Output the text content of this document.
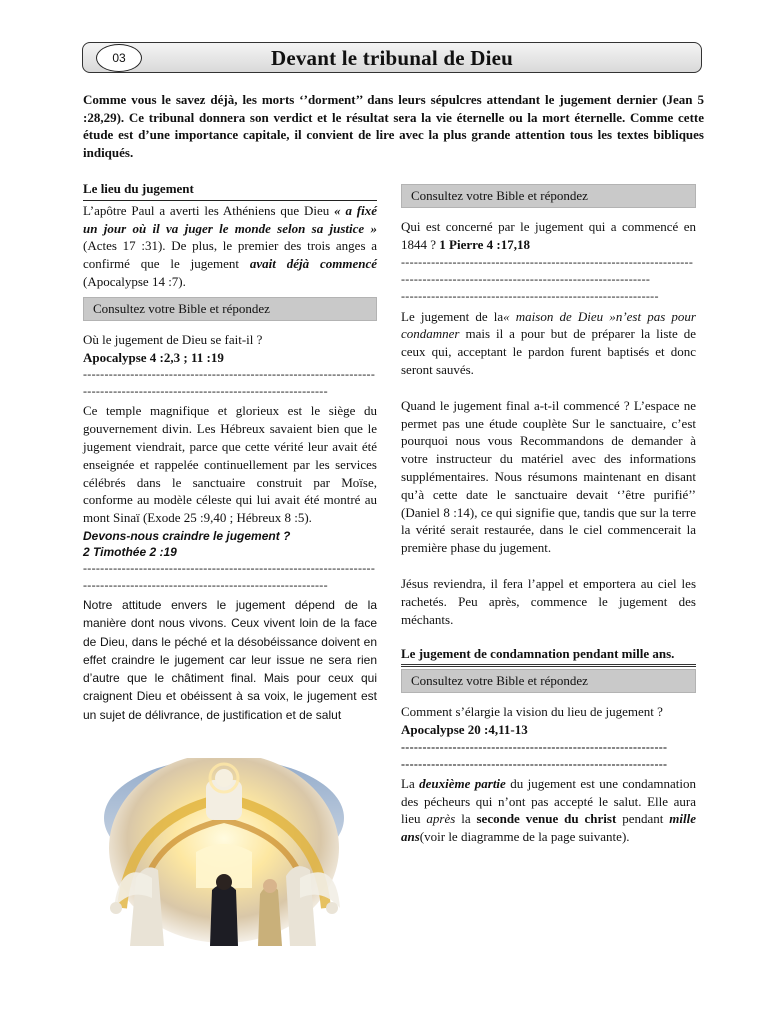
03	Devant le tribunal de Dieu
Comme vous le savez déjà, les morts ‘’dorment’’ dans leurs sépulcres attendant le jugement dernier (Jean 5 :28,29). Ce tribunal donnera son verdict et le résultat sera la vie éternelle ou la mort éternelle. Comme cette étude est d’une importance capitale, il convient de lire avec la plus grande attention tous les textes bibliques indiqués.
Le lieu du jugement

L’apôtre Paul a averti les Athéniens que Dieu « a fixé un jour où il va juger le monde selon sa justice » (Actes 17 :31). De plus, le premier des trois anges a confirmé que le jugement avait déjà commencé (Apocalypse 14 :7).

Consultez votre Bible et répondez

Où le jugement de Dieu se fait-il ?

Apocalypse 4 :2,3 ; 11 :19
--------------------------------------------------------------------
---------------------------------------------------------

Ce temple magnifique et glorieux est le siège du gouvernement divin. Les Hébreux savaient bien que le jugement viendrait, parce que cette vérité leur avait été enseignée et rappelée continuellement par les services célébrés dans le sanctuaire construit par Moïse, conforme au modèle céleste qui lui avait été montré au mont Sinaï (Exode 25 :9,40 ; Hébreux 8 :5).

Devons-nous craindre le jugement ?
2 Timothée 2 :19
--------------------------------------------------------------------
---------------------------------------------------------

Notre attitude envers le jugement dépend de la manière dont nous vivons. Ceux vivent loin de la face de Dieu, dans le péché et la désobéissance doivent en effet craindre le jugement car leur issue ne sera rien d’autre que le châtiment final. Mais pour ceux qui craignent Dieu et obéissent à sa voix, le jugement est un sujet de délivrance, de justification et de salut

Consultez votre Bible et répondez

Qui est concerné par le jugement qui a commencé en 1844 ? 1 Pierre 4 :17,18

--------------------------------------------------------------------
----------------------------------------------------------
------------------------------------------------------------

Le jugement de la« maison de Dieu »n’est pas pour condamner mais il a pour but de préparer la liste de ceux qui, acceptant le pardon furent baptisés et donc seront sauvés.

Quand le jugement final a-t-il commencé ? L’espace ne permet pas une étude couplète Sur le sanctuaire, c’est pourquoi nous vous Recommandons de demander à votre instructeur du matériel avec des informations supplémentaires. Nous résumons maintenant en disant qu’à cette date le sanctuaire devait ‘’être purifié’’ (Daniel 8 :14), ce qui signifie que, tandis que sur la terre la vérité serait restaurée, dans le ciel commencerait la première phase du jugement.

Jésus reviendra, il fera l’appel et emportera au ciel les rachetés. Peu après, commence le jugement des méchants.

Le jugement de condamnation pendant mille ans.
Consultez votre Bible et répondez

Comment s’élargie la vision du lieu de jugement ?

Apocalypse 20 :4,11-13
--------------------------------------------------------------
--------------------------------------------------------------

La deuxième partie du jugement est une condamnation des pécheurs qui n’ont pas accepté le salut. Elle aura lieu après la seconde venue du christ pendant mille ans(voir le diagramme de la page suivante).
